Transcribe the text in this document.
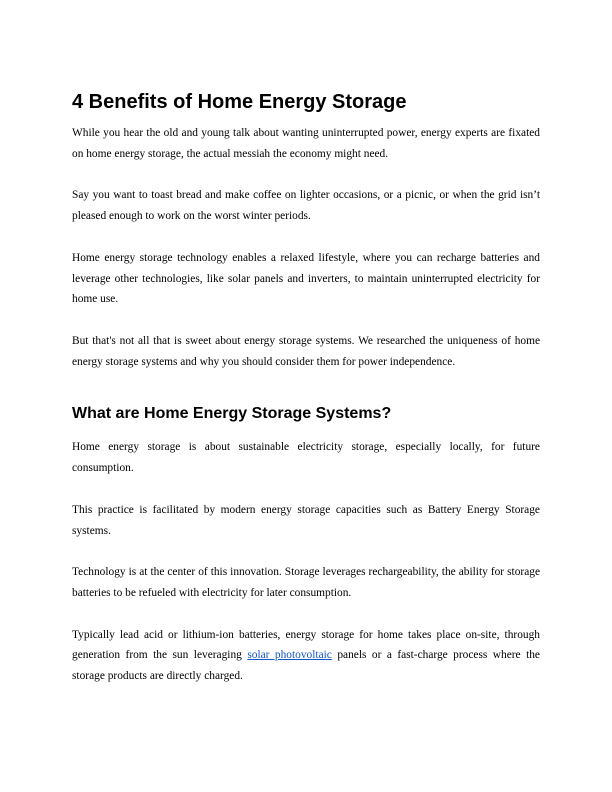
4 Benefits of Home Energy Storage

While you hear the old and young talk about wanting uninterrupted power, energy experts are fixated on home energy storage, the actual messiah the economy might need.

Say you want to toast bread and make coffee on lighter occasions, or a picnic, or when the grid isn’t pleased enough to work on the worst winter periods.

Home energy storage technology enables a relaxed lifestyle, where you can recharge batteries and leverage other technologies, like solar panels and inverters, to maintain uninterrupted electricity for home use.

But that's not all that is sweet about energy storage systems. We researched the uniqueness of home energy storage systems and why you should consider them for power independence.

What are Home Energy Storage Systems?

Home energy storage is about sustainable electricity storage, especially locally, for future consumption.

This practice is facilitated by modern energy storage capacities such as Battery Energy Storage systems.

Technology is at the center of this innovation. Storage leverages rechargeability, the ability for storage batteries to be refueled with electricity for later consumption.

Typically lead acid or lithium-ion batteries, energy storage for home takes place on-site, through generation from the sun leveraging solar photovoltaic panels or a fast-charge process where the storage products are directly charged.
